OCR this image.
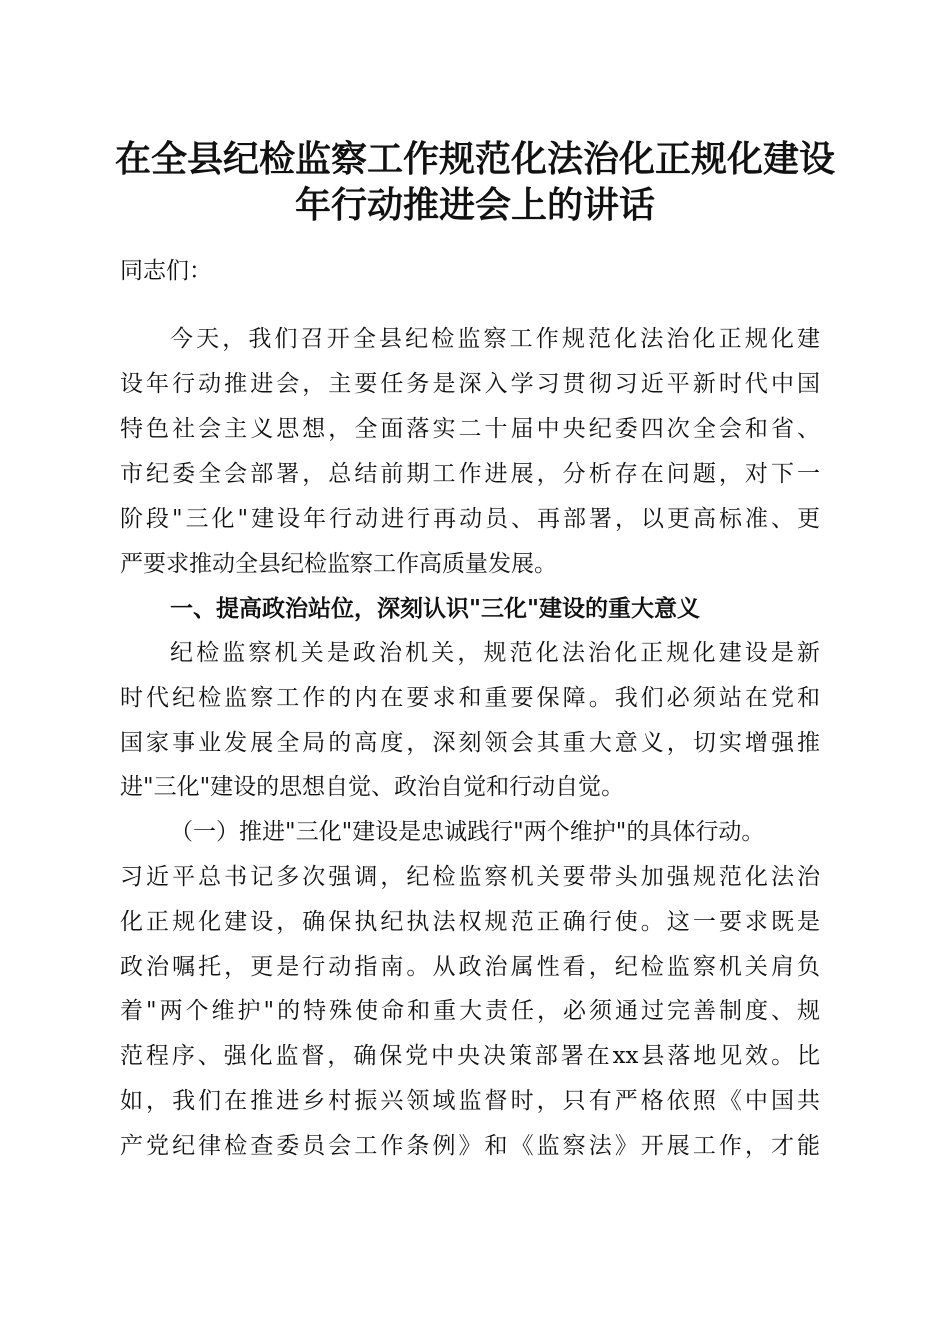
在全县纪检监察工作规范化法治化正规化建设
年行动推进会上的讲话

同志们：

今天，我们召开全县纪检监察工作规范化法治化正规化建

设年行动推进会，主要任务是深入学习贯彻习近平新时代中国

特色社会主义思想，全面落实二十届中央纪委四次全会和省、

市纪委全会部署，总结前期工作进展，分析存在问题，对下一

阶段"三化"建设年行动进行再动员、再部署，以更高标准、更

严要求推动全县纪检监察工作高质量发展。

一、提高政治站位，深刻认识"三化"建设的重大意义

纪检监察机关是政治机关，规范化法治化正规化建设是新

时代纪检监察工作的内在要求和重要保障。我们必须站在党和

国家事业发展全局的高度，深刻领会其重大意义，切实增强推

进"三化"建设的思想自觉、政治自觉和行动自觉。

（一）推进"三化"建设是忠诚践行"两个维护"的具体行动。

习近平总书记多次强调，纪检监察机关要带头加强规范化法治

化正规化建设，确保执纪执法权规范正确行使。这一要求既是

政治嘱托，更是行动指南。从政治属性看，纪检监察机关肩负

着"两个维护"的特殊使命和重大责任，必须通过完善制度、规

范程序、强化监督，确保党中央决策部署在xx县落地见效。比

如，我们在推进乡村振兴领域监督时，只有严格依照《中国共

产党纪律检查委员会工作条例》和《监察法》开展工作，才能
